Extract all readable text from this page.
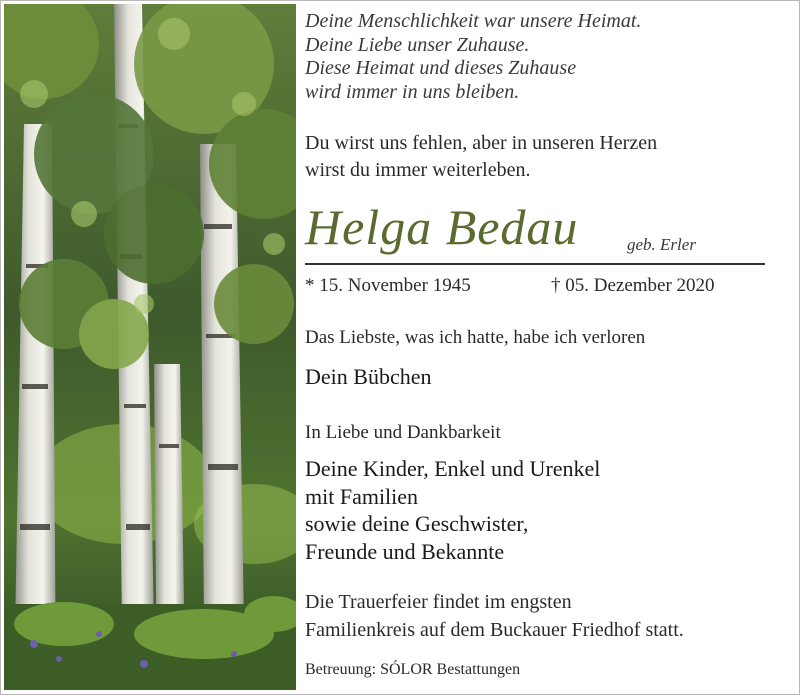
Deine Menschlichkeit war unsere Heimat.
Deine Liebe unser Zuhause.
Diese Heimat und dieses Zuhause
wird immer in uns bleiben.
Du wirst uns fehlen, aber in unseren Herzen
wirst du immer weiterleben.
Helga Bedau	geb. Erler
* 15. November 1945	† 05. Dezember 2020
Das Liebste, was ich hatte, habe ich verloren
Dein Bübchen
In Liebe und Dankbarkeit
Deine Kinder, Enkel und Urenkel
mit Familien
sowie deine Geschwister,
Freunde und Bekannte
Die Trauerfeier findet im engsten
Familienkreis auf dem Buckauer Friedhof statt.
Betreuung: SÓLOR Bestattungen
